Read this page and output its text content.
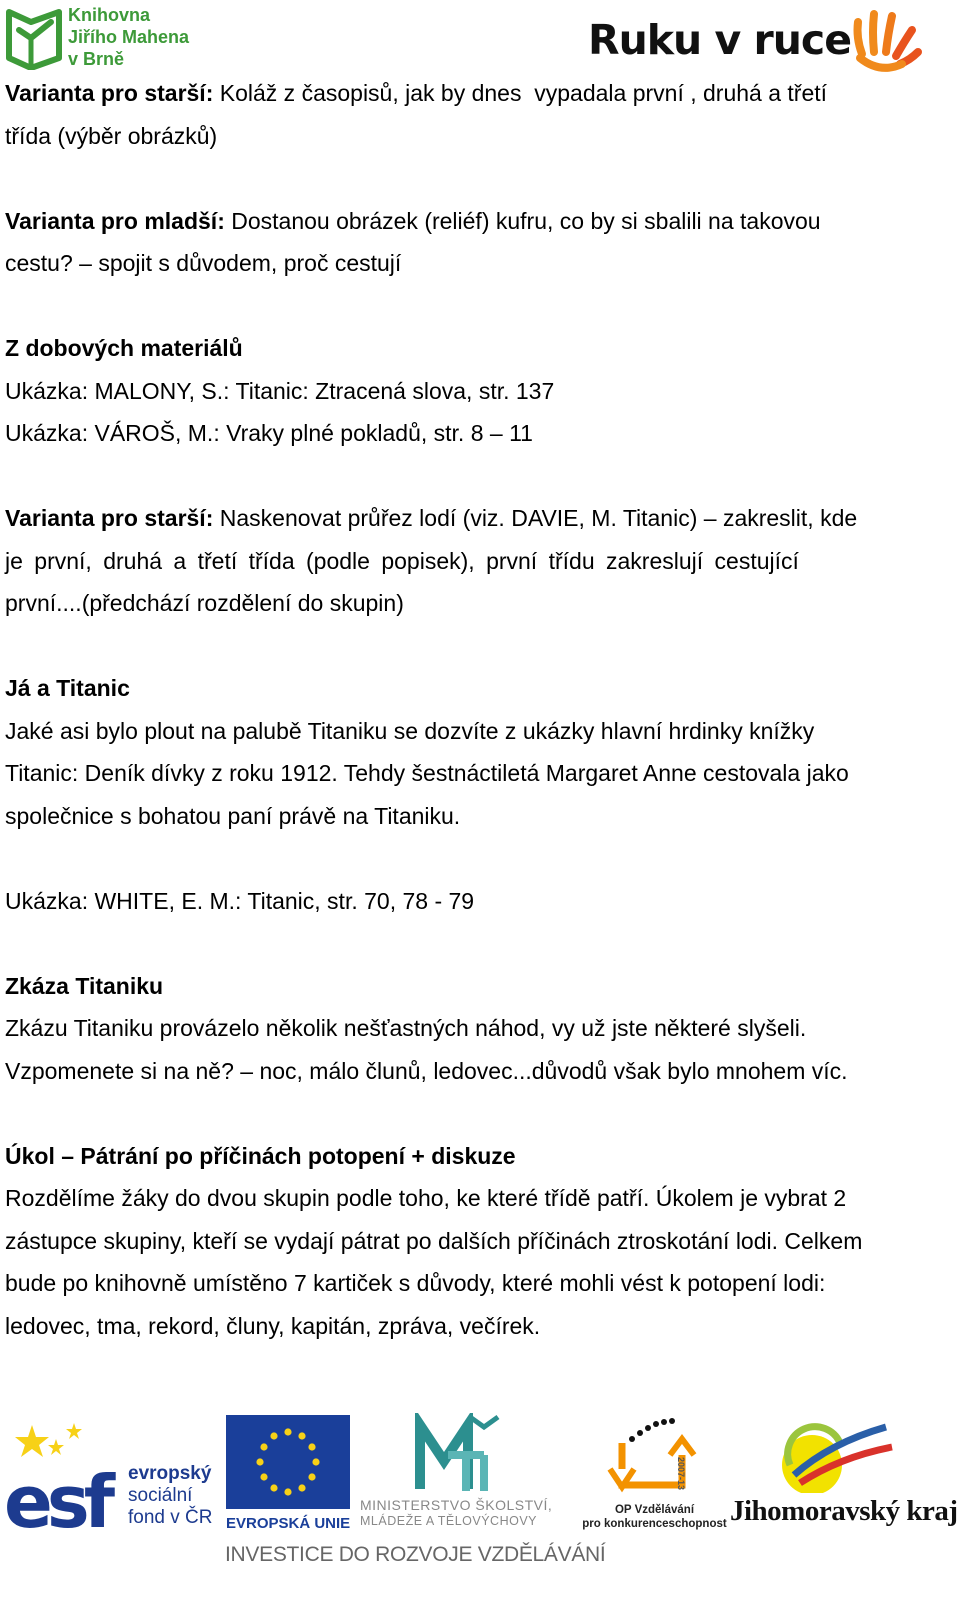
Knihovna
Jiřího Mahena
v Brně	Ruku v ruce
Varianta pro starší: Koláž z časopisů, jak by dnes  vypadala první , druhá a třetí
třída (výběr obrázků)
Varianta pro mladší: Dostanou obrázek (reliéf) kufru, co by si sbalili na takovou
cestu? – spojit s důvodem, proč cestují
Z dobových materiálů
Ukázka: MALONY, S.: Titanic: Ztracená slova, str. 137
Ukázka: VÁROŠ, M.: Vraky plné pokladů, str. 8 – 11
Varianta pro starší: Naskenovat průřez lodí (viz. DAVIE, M. Titanic) – zakreslit, kde
je první, druhá a třetí třída (podle popisek), první třídu zakreslují cestující
první....(předchází rozdělení do skupin)
Já a Titanic
Jaké asi bylo plout na palubě Titaniku se dozvíte z ukázky hlavní hrdinky knížky
Titanic: Deník dívky z roku 1912. Tehdy šestnáctiletá Margaret Anne cestovala jako
společnice s bohatou paní právě na Titaniku.
Ukázka: WHITE, E. M.: Titanic, str. 70, 78 - 79
Zkáza Titaniku
Zkázu Titaniku provázelo několik nešťastných náhod, vy už jste některé slyšeli.
Vzpomenete si na ně? – noc, málo člunů, ledovec...důvodů však bylo mnohem víc.
Úkol – Pátrání po příčinách potopení + diskuze
Rozdělíme žáky do dvou skupin podle toho, ke které třídě patří. Úkolem je vybrat 2
zástupce skupiny, kteří se vydají pátrat po dalších příčinách ztroskotání lodi. Celkem
bude po knihovně umístěno 7 kartiček s důvody, které mohli vést k potopení lodi:
ledovec, tma, rekord, čluny, kapitán, zpráva, večírek.
esf evropský
sociální
fond v ČR EVROPSKÁ UNIE
MINISTERSTVO ŠKOLSTVÍ,
MLÁDEŽE A TĚLOVÝCHOVY
2007-13
OP Vzdělávání
pro konkurenceschopnost Jihomoravský kraj
INVESTICE DO ROZVOJE VZDĚLÁVÁNÍ
